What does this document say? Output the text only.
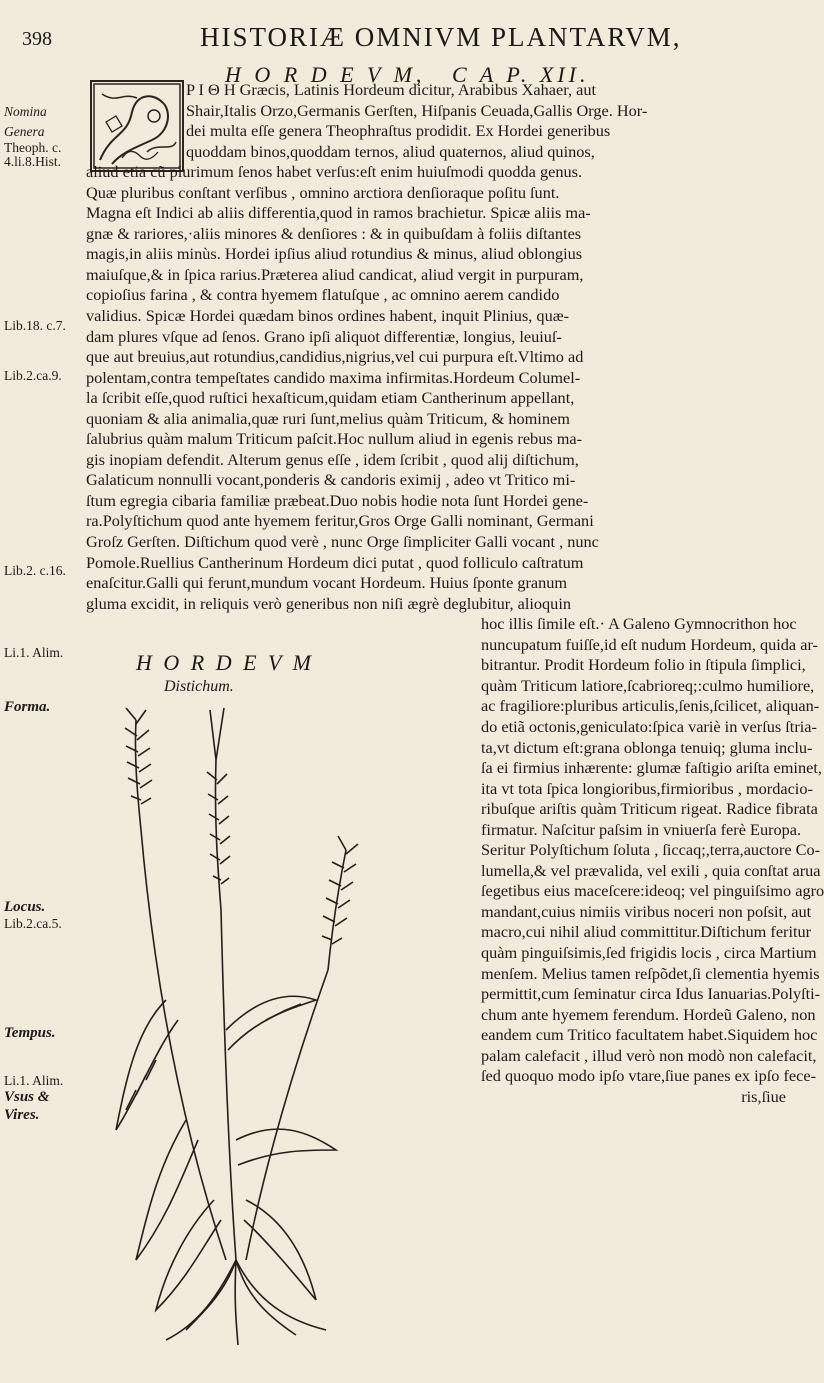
398	HISTORIÆ OMNIVM PLANTARVM,
H O R D E V M, C A P. XII.
Nomina
Genera
Theoph. c.
4.li.8.Hist.
Lib.18. c.7.
Lib.2.ca.9.
Lib.2. c.16.
Li.1. Alim.
Forma.
Locus.
Lib.2.ca.5.
Tempus.
Li.1. Alim.
Vsus &
Vires.
P I Θ H Græcis, Latinis Hordeum dicitur, Arabibus Xahaer, aut
Shair,Italis Orzo,Germanis Gerſten, Hiſpanis Ceuada,Gallis Orge. Hor-
dei multa eſſe genera Theophraſtus prodidit. Ex Hordei generibus
quoddam binos,quoddam ternos, aliud quaternos, aliud quinos,
aliud etia cũ plurimum ſenos habet verſus:eſt enim huiuſmodi quodda genus.
Quæ pluribus conſtant verſibus , omnino arctiora denſioraque poſitu ſunt.
Magna eſt Indici ab aliis differentia,quod in ramos brachietur. Spicæ aliis ma-
gnæ & rariores,·aliis minores & denſiores : & in quibuſdam à foliis diſtantes
magis,in aliis minùs. Hordei ipſius aliud rotundius & minus, aliud oblongius
maiuſque,& in ſpica rarius.Præterea aliud candicat, aliud vergit in purpuram,
copioſius farina , & contra hyemem flatuſque , ac omnino aerem candido
validius. Spicæ Hordei quædam binos ordines habent, inquit Plinius, quæ-
dam plures vſque ad ſenos. Grano ipſi aliquot differentiæ, longius, leuiuſ-
que aut breuius,aut rotundius,candidius,nigrius,vel cui purpura eſt.Vltimo ad
polentam,contra tempeſtates candido maxima infirmitas.Hordeum Columel-
la ſcribit eſſe,quod ruſtici hexaſticum,quidam etiam Cantherinum appellant,
quoniam & alia animalia,quæ ruri ſunt,melius quàm Triticum, & hominem
ſalubrius quàm malum Triticum paſcit.Hoc nullum aliud in egenis rebus ma-
gis inopiam defendit. Alterum genus eſſe , idem ſcribit , quod alij diſtichum,
Galaticum nonnulli vocant,ponderis & candoris eximij , adeo vt Tritico mi-
ſtum egregia cibaria familiæ præbeat.Duo nobis hodie nota ſunt Hordei gene-
ra.Polyſtichum quod ante hyemem feritur,Gros Orge Galli nominant, Germani
Groſz Gerſten. Diſtichum quod verè , nunc Orge ſimpliciter Galli vocant , nunc
Pomole.Ruellius Cantherinum Hordeum dici putat , quod folliculo caſtratum
enaſcitur.Galli qui ferunt,mundum vocant Hordeum. Huius ſponte granum
gluma excidit, in reliquis verò generibus non niſi ægrè deglubitur, alioquin
hoc illis ſimile eſt.· A Galeno Gymnocrithon hoc
nuncupatum fuiſſe,id eſt nudum Hordeum, quida ar-
bitrantur. Prodit Hordeum folio in ſtipula ſimplici,
quàm Triticum latiore,ſcabrioreq;:culmo humiliore,
ac fragiliore:pluribus articulis,ſenis,ſcilicet, aliquan-
do etiã octonis,geniculato:ſpica variè in verſus ſtria-
ta,vt dictum eſt:grana oblonga tenuiq; gluma inclu-
ſa ei firmius inhærente: glumæ faſtigio ariſta eminet,
ita vt tota ſpica longioribus,firmioribus , mordacio-
ribuſque ariſtis quàm Triticum rigeat. Radice fibrata
firmatur. Naſcitur paſsim in vniuerſa ferè Europa.
Seritur Polyſtichum ſoluta , ſiccaq;,terra,auctore Co-
lumella,& vel prævalida, vel exili , quia conſtat arua
ſegetibus eius maceſcere:ideoq; vel pinguiſsimo agro
mandant,cuius nimiis viribus noceri non poſsit, aut
macro,cui nihil aliud committitur.Diſtichum feritur
quàm pinguiſsimis,ſed frigidis locis , circa Martium
menſem. Melius tamen reſpõdet,ſi clementia hyemis
permittit,cum ſeminatur circa Idus Ianuarias.Polyſti-
chum ante hyemem ferendum. Hordeũ Galeno, non
eandem cum Tritico facultatem habet.Siquidem hoc
palam calefacit , illud verò non modò non calefacit,
ſed quoquo modo ipſo vtare,ſiue panes ex ipſo fece-
ris,ſiue
H O R D E V M
Distichum.
